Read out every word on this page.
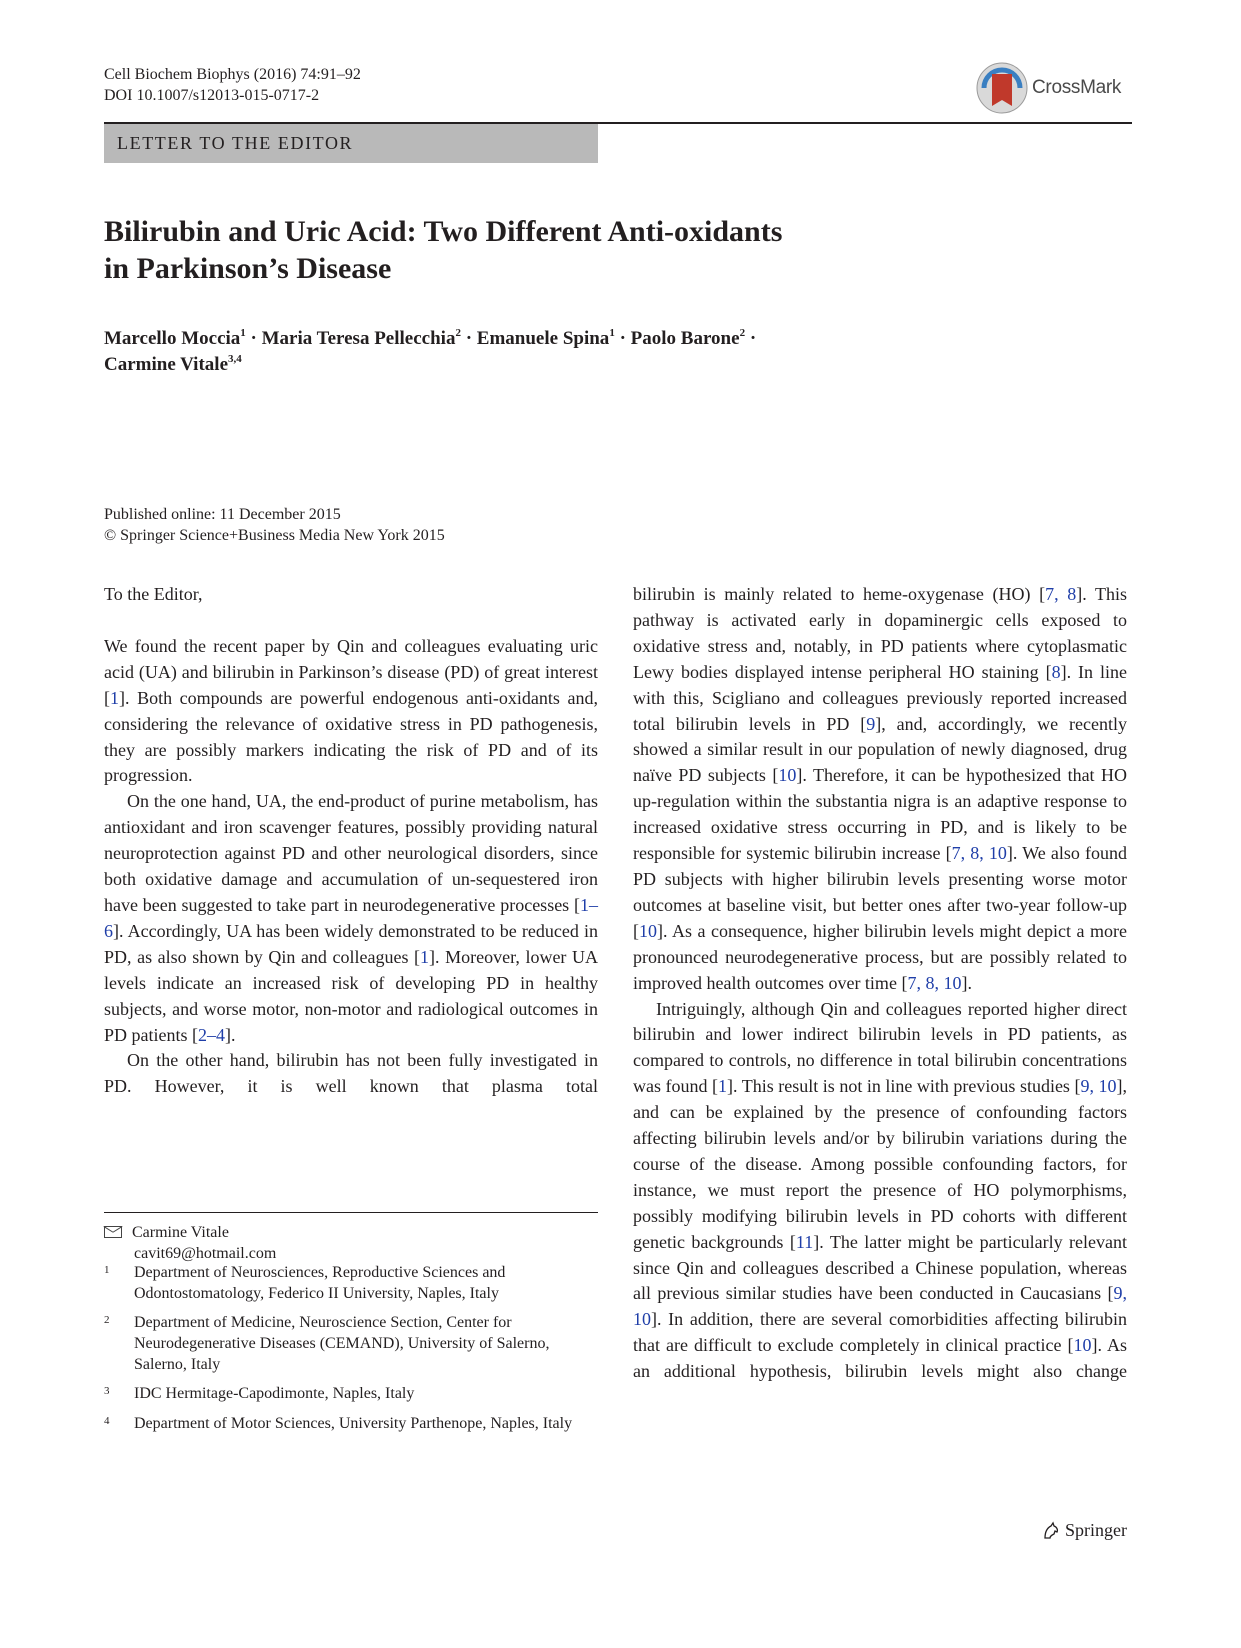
Cell Biochem Biophys (2016) 74:91–92
DOI 10.1007/s12013-015-0717-2	CrossMark
LETTER TO THE EDITOR
Bilirubin and Uric Acid: Two Different Anti-oxidants
in Parkinson’s Disease
Marcello Moccia$^1$ · Maria Teresa Pellecchia$^2$ · Emanuele Spina$^1$ · Paolo Barone$^2$ ·
Carmine Vitale$^{3,4}$
Published online: 11 December 2015
© Springer Science+Business Media New York 2015

To the Editor,

We found the recent paper by Qin and colleagues evaluating uric acid (UA) and bilirubin in Parkinson’s disease (PD) of great interest [1]. Both compounds are powerful endogenous anti-oxidants and, considering the relevance of oxidative stress in PD pathogenesis, they are possibly markers indicating the risk of PD and of its progression.

On the one hand, UA, the end-product of purine metabolism, has antioxidant and iron scavenger features, possibly providing natural neuroprotection against PD and other neurological disorders, since both oxidative damage and accumulation of un-sequestered iron have been suggested to take part in neurodegenerative processes [1–6]. Accordingly, UA has been widely demonstrated to be reduced in PD, as also shown by Qin and colleagues [1]. Moreover, lower UA levels indicate an increased risk of developing PD in healthy subjects, and worse motor, non-motor and radiological outcomes in PD patients [2–4].

On the other hand, bilirubin has not been fully investigated in PD. However, it is well known that plasma total

bilirubin is mainly related to heme-oxygenase (HO) [7, 8]. This pathway is activated early in dopaminergic cells exposed to oxidative stress and, notably, in PD patients where cytoplasmatic Lewy bodies displayed intense peripheral HO staining [8]. In line with this, Scigliano and colleagues previously reported increased total bilirubin levels in PD [9], and, accordingly, we recently showed a similar result in our population of newly diagnosed, drug naïve PD subjects [10]. Therefore, it can be hypothesized that HO up-regulation within the substantia nigra is an adaptive response to increased oxidative stress occurring in PD, and is likely to be responsible for systemic bilirubin increase [7, 8, 10]. We also found PD subjects with higher bilirubin levels presenting worse motor outcomes at baseline visit, but better ones after two-year follow-up [10]. As a consequence, higher bilirubin levels might depict a more pronounced neurodegenerative process, but are possibly related to improved health outcomes over time [7, 8, 10].

Intriguingly, although Qin and colleagues reported higher direct bilirubin and lower indirect bilirubin levels in PD patients, as compared to controls, no difference in total bilirubin concentrations was found [1]. This result is not in line with previous studies [9, 10], and can be explained by the presence of confounding factors affecting bilirubin levels and/or by bilirubin variations during the course of the disease. Among possible confounding factors, for instance, we must report the presence of HO polymorphisms, possibly modifying bilirubin levels in PD cohorts with different genetic backgrounds [11]. The latter might be particularly relevant since Qin and colleagues described a Chinese population, whereas all previous similar studies have been conducted in Caucasians [9, 10]. In addition, there are several comorbidities affecting bilirubin that are difficult to exclude completely in clinical practice [10]. As an additional hypothesis, bilirubin levels might also change

Carmine Vitale
cavit69@hotmail.com
1 Department of Neurosciences, Reproductive Sciences and Odontostomatology, Federico II University, Naples, Italy
2 Department of Medicine, Neuroscience Section, Center for Neurodegenerative Diseases (CEMAND), University of Salerno, Salerno, Italy
3 IDC Hermitage-Capodimonte, Naples, Italy
4 Department of Motor Sciences, University Parthenope, Naples, Italy
Springer
